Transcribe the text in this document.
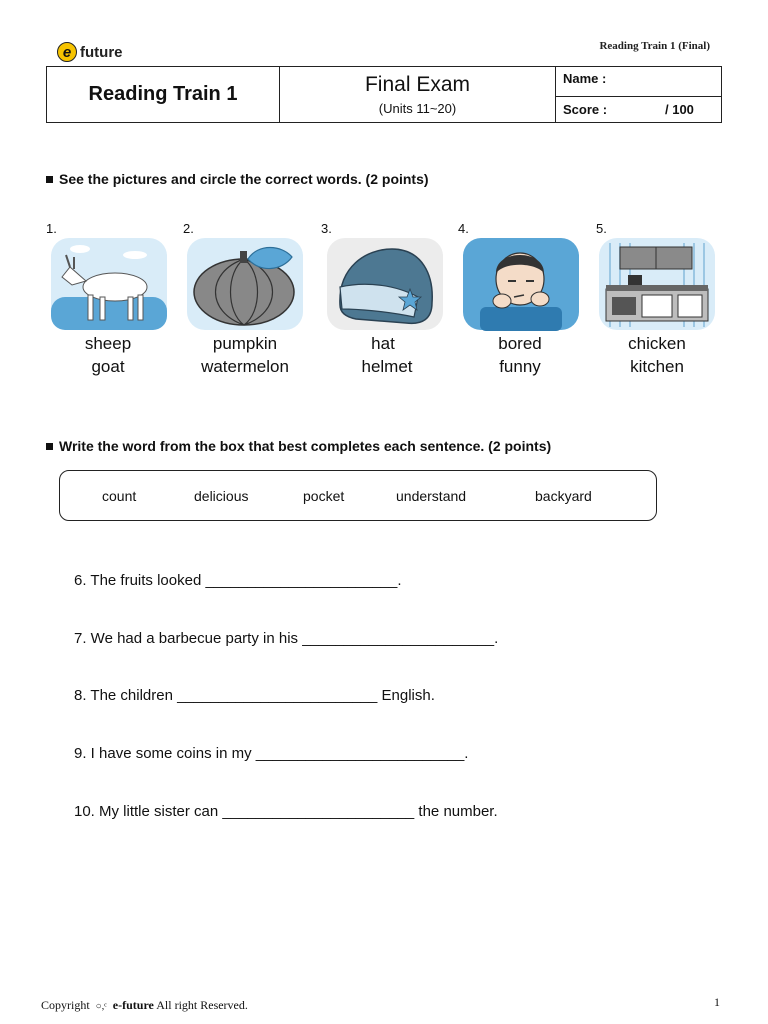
e future	Reading Train 1 (Final)
Reading Train 1	Final Exam
(Units 11~20)
Name :
Score :	/ 100
See the pictures and circle the correct words. (2 points)
1.	2.	3.	4.	5.
sheep
goat
pumpkin
watermelon
hat
helmet
bored
funny
chicken
kitchen
Write the word from the box that best completes each sentence. (2 points)
count	delicious	pocket	understand	backyard
6. The fruits looked _______________________.
7. We had a barbecue party in his _______________________.
8. The children ________________________ English.
9. I have some coins in my _________________________.
10. My little sister can _______________________ the number.
Copyright ○,ᶜ e-future All right Reserved.	1
